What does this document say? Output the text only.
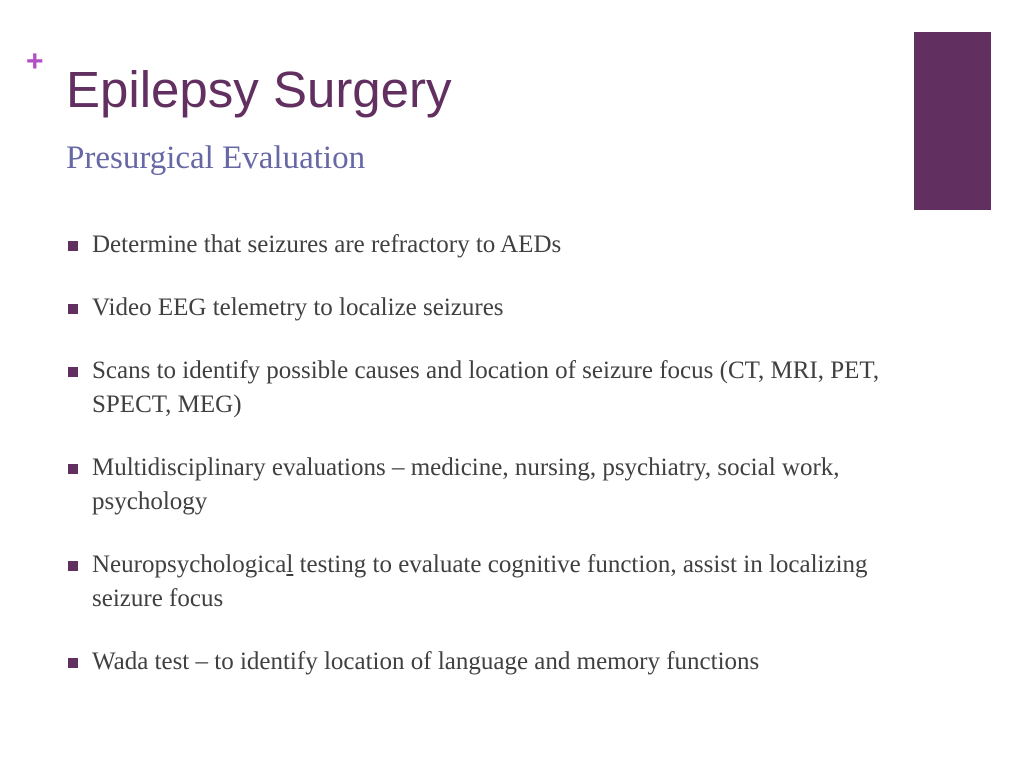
+ Epilepsy Surgery
Presurgical Evaluation
Determine that seizures are refractory to AEDs
Video EEG telemetry to localize seizures
Scans to identify possible causes and location of seizure focus (CT, MRI, PET, SPECT, MEG)
Multidisciplinary evaluations – medicine, nursing, psychiatry, social work, psychology
Neuropsychological testing to evaluate cognitive function, assist in localizing seizure focus
Wada test – to identify location of language and memory functions
